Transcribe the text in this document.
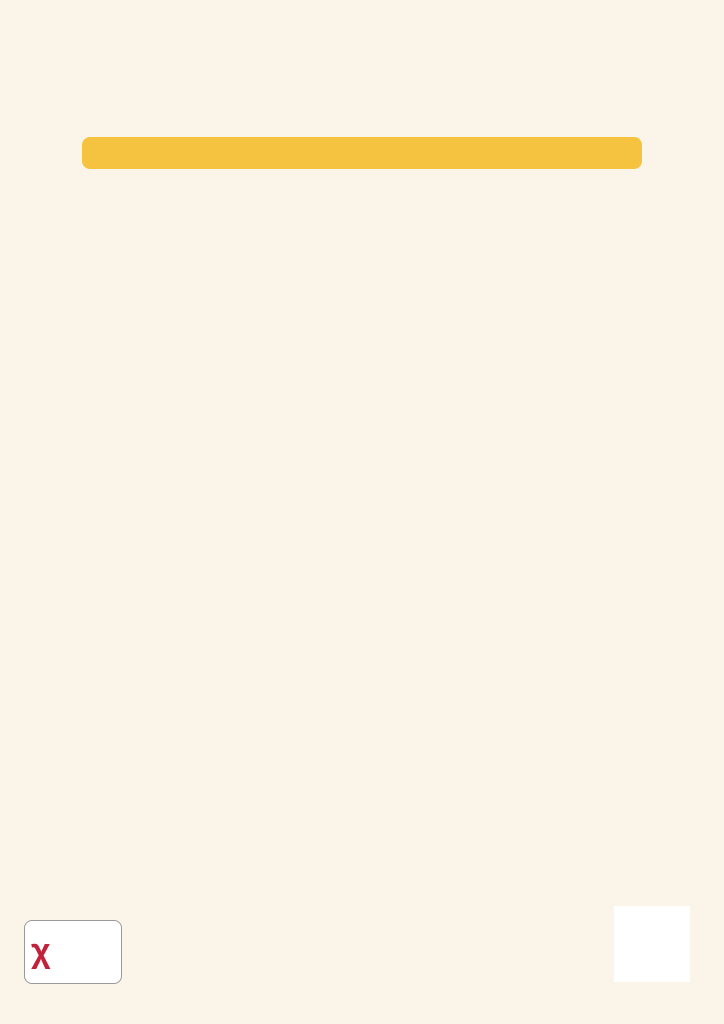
χ
